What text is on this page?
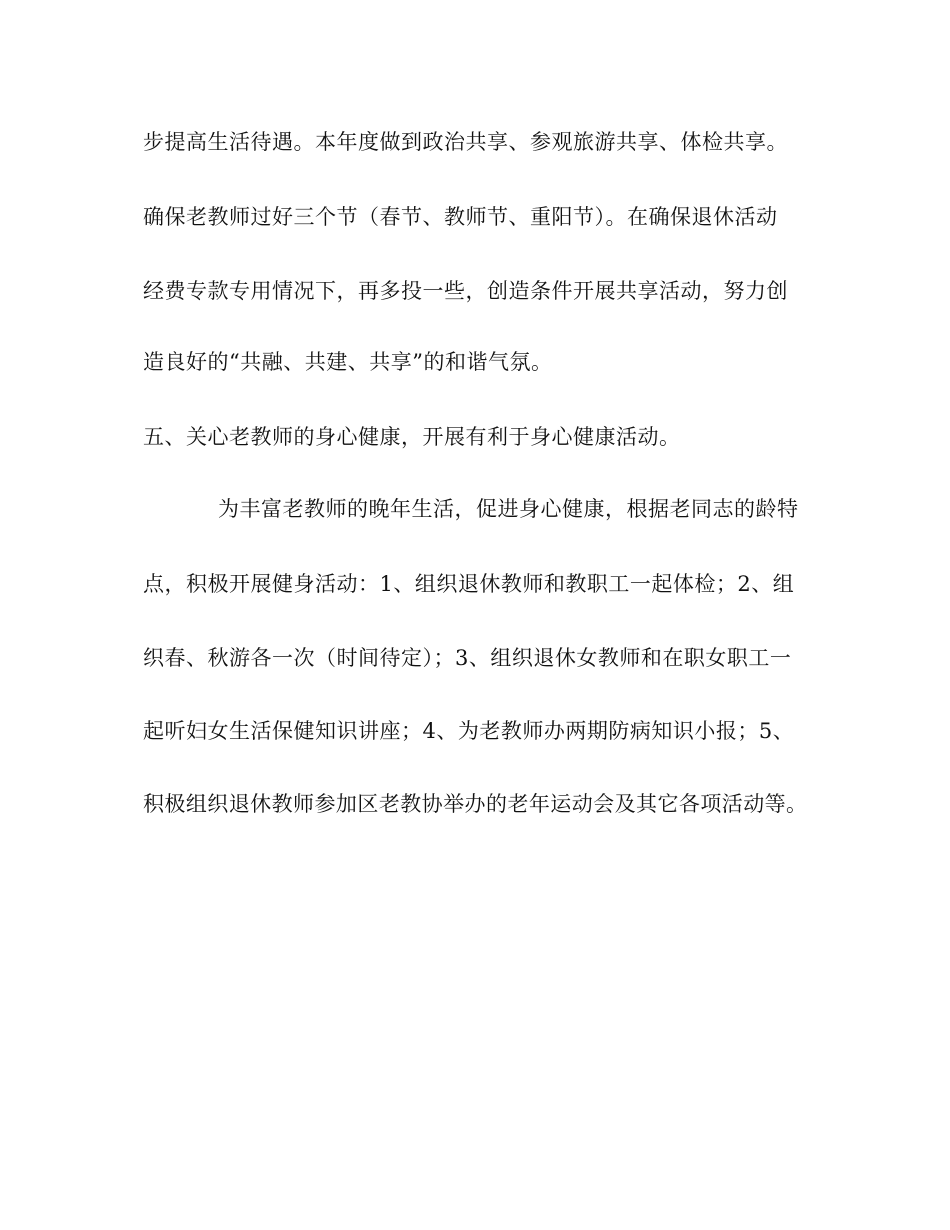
步提高生活待遇。本年度做到政治共享、参观旅游共享、体检共享。
确保老教师过好三个节（春节、教师节、重阳节）。在确保退休活动
经费专款专用情况下，再多投一些，创造条件开展共享活动，努力创
造良好的“共融、共建、共享”的和谐气氛。
五、关心老教师的身心健康，开展有利于身心健康活动。
为丰富老教师的晚年生活，促进身心健康，根据老同志的龄特
点，积极开展健身活动：1、组织退休教师和教职工一起体检；2、组
织春、秋游各一次（时间待定）；3、组织退休女教师和在职女职工一
起听妇女生活保健知识讲座；4、为老教师办两期防病知识小报；5、
积极组织退休教师参加区老教协举办的老年运动会及其它各项活动等。
